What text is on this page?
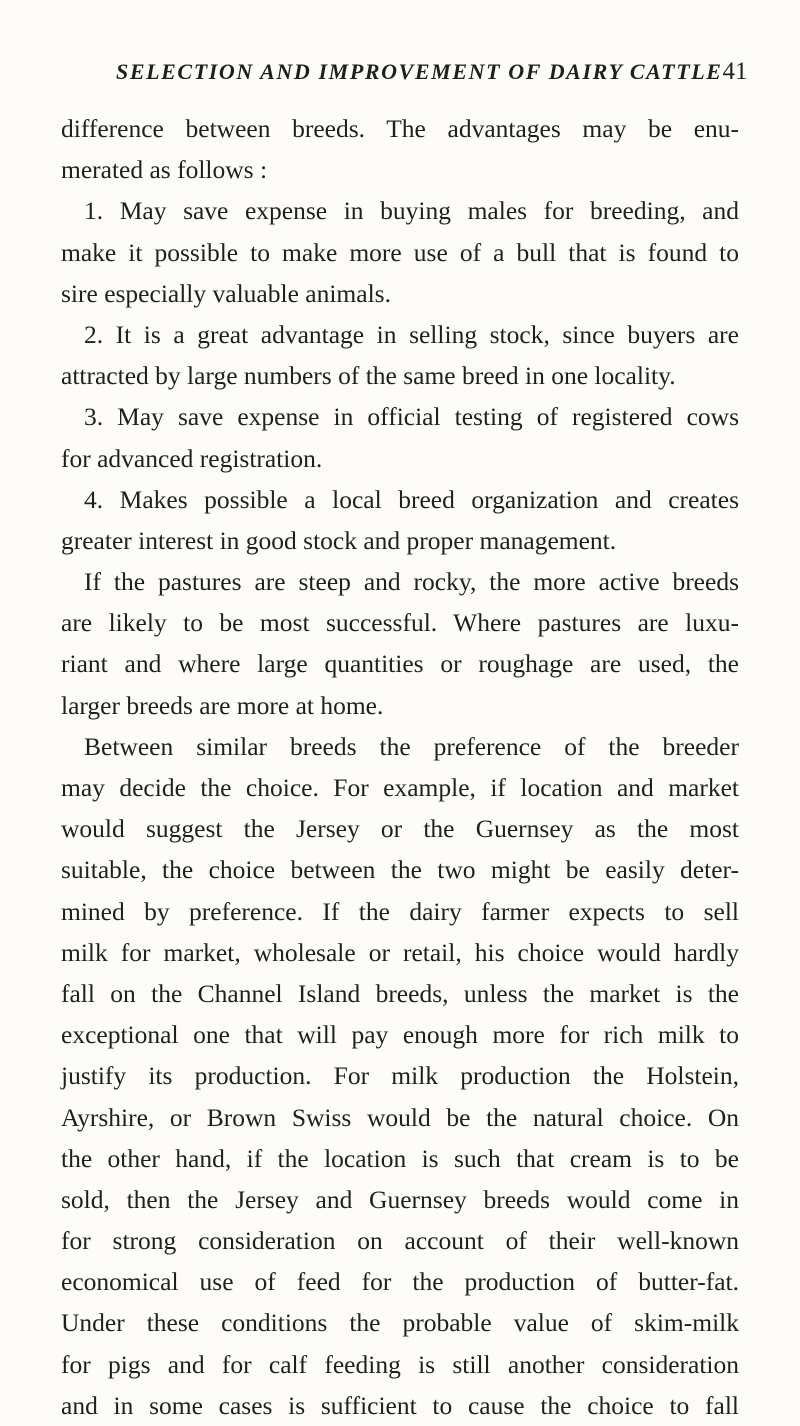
SELECTION AND IMPROVEMENT OF DAIRY CATTLE 41
difference between breeds. The advantages may be enu-
merated as follows :
1. May save expense in buying males for breeding, and
make it possible to make more use of a bull that is found to
sire especially valuable animals.
2. It is a great advantage in selling stock, since buyers are
attracted by large numbers of the same breed in one locality.
3. May save expense in official testing of registered cows
for advanced registration.
4. Makes possible a local breed organization and creates
greater interest in good stock and proper management.
If the pastures are steep and rocky, the more active breeds
are likely to be most successful. Where pastures are luxu-
riant and where large quantities or roughage are used, the
larger breeds are more at home.
Between similar breeds the preference of the breeder
may decide the choice. For example, if location and market
would suggest the Jersey or the Guernsey as the most
suitable, the choice between the two might be easily deter-
mined by preference. If the dairy farmer expects to sell
milk for market, wholesale or retail, his choice would hardly
fall on the Channel Island breeds, unless the market is the
exceptional one that will pay enough more for rich milk to
justify its production. For milk production the Holstein,
Ayrshire, or Brown Swiss would be the natural choice. On
the other hand, if the location is such that cream is to be
sold, then the Jersey and Guernsey breeds would come in
for strong consideration on account of their well-known
economical use of feed for the production of butter-fat.
Under these conditions the probable value of skim-milk
for pigs and for calf feeding is still another consideration
and in some cases is sufficient to cause the choice to fall
